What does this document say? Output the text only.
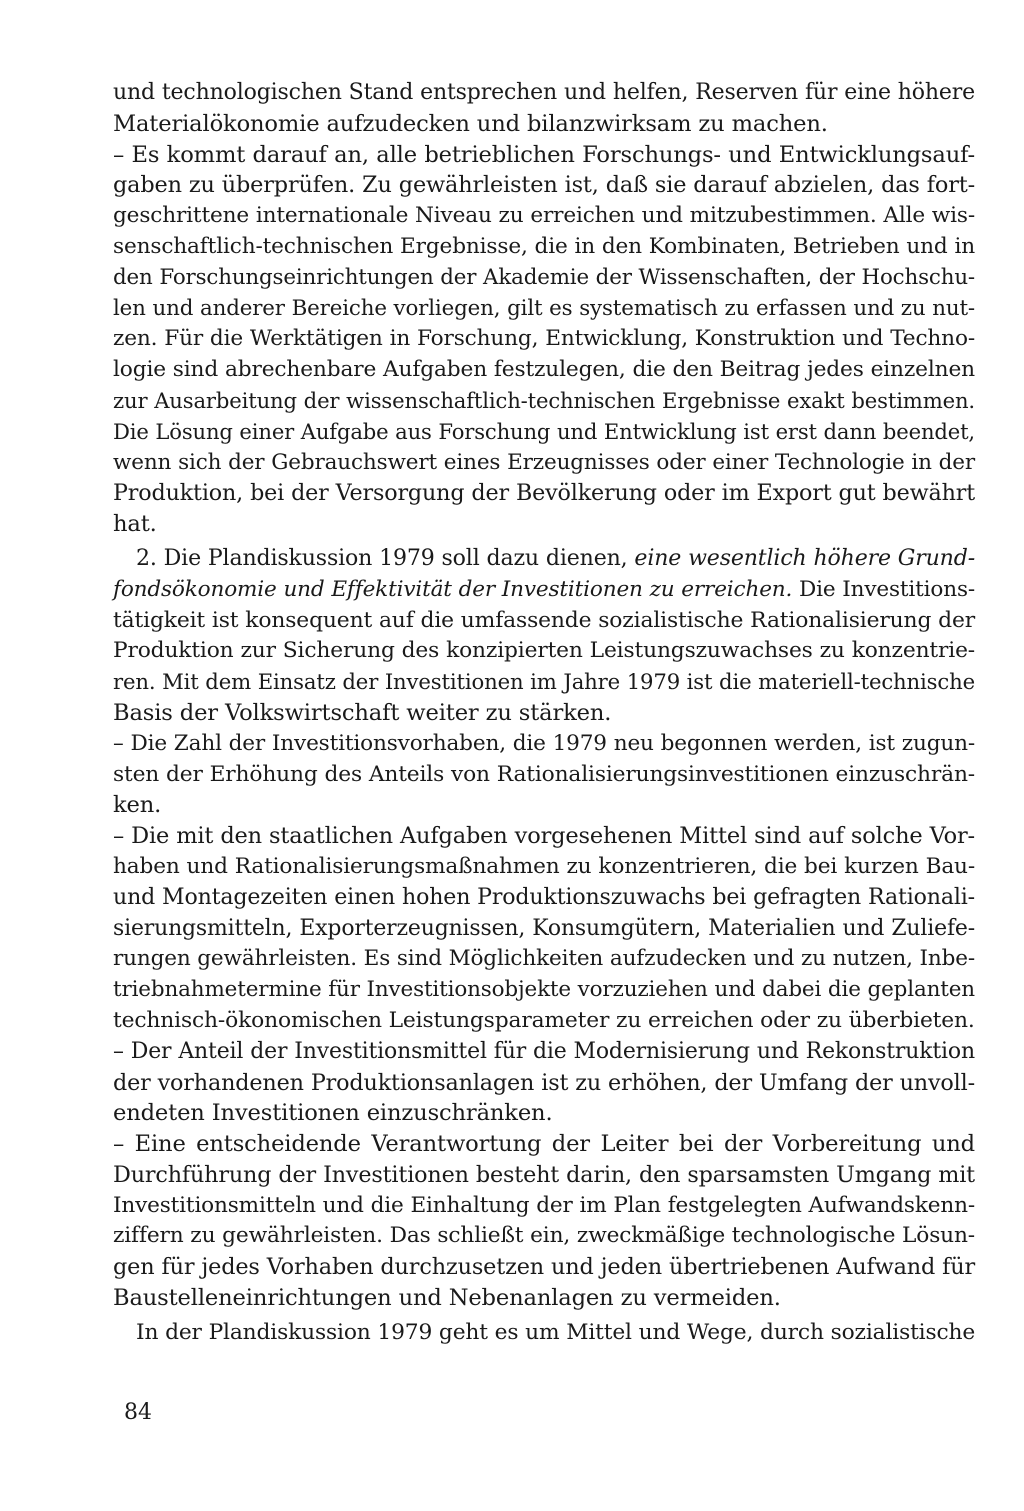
und technologischen Stand entsprechen und helfen, Reserven für eine höhere
Materialökonomie aufzudecken und bilanzwirksam zu machen.
– Es kommt darauf an, alle betrieblichen Forschungs- und Entwicklungsauf-
gaben zu überprüfen. Zu gewährleisten ist, daß sie darauf abzielen, das fort-
geschrittene internationale Niveau zu erreichen und mitzubestimmen. Alle wis-
senschaftlich-technischen Ergebnisse, die in den Kombinaten, Betrieben und in
den Forschungseinrichtungen der Akademie der Wissenschaften, der Hochschu-
len und anderer Bereiche vorliegen, gilt es systematisch zu erfassen und zu nut-
zen. Für die Werktätigen in Forschung, Entwicklung, Konstruktion und Techno-
logie sind abrechenbare Aufgaben festzulegen, die den Beitrag jedes einzelnen
zur Ausarbeitung der wissenschaftlich-technischen Ergebnisse exakt bestimmen.
Die Lösung einer Aufgabe aus Forschung und Entwicklung ist erst dann beendet,
wenn sich der Gebrauchswert eines Erzeugnisses oder einer Technologie in der
Produktion, bei der Versorgung der Bevölkerung oder im Export gut bewährt
hat.
2. Die Plandiskussion 1979 soll dazu dienen, eine wesentlich höhere Grund-
fondsökonomie und Effektivität der Investitionen zu erreichen. Die Investitions-
tätigkeit ist konsequent auf die umfassende sozialistische Rationalisierung der
Produktion zur Sicherung des konzipierten Leistungszuwachses zu konzentrie-
ren. Mit dem Einsatz der Investitionen im Jahre 1979 ist die materiell-technische
Basis der Volkswirtschaft weiter zu stärken.
– Die Zahl der Investitionsvorhaben, die 1979 neu begonnen werden, ist zugun-
sten der Erhöhung des Anteils von Rationalisierungsinvestitionen einzuschrän-
ken.
– Die mit den staatlichen Aufgaben vorgesehenen Mittel sind auf solche Vor-
haben und Rationalisierungsmaßnahmen zu konzentrieren, die bei kurzen Bau-
und Montagezeiten einen hohen Produktionszuwachs bei gefragten Rationali-
sierungsmitteln, Exporterzeugnissen, Konsumgütern, Materialien und Zuliefe-
rungen gewährleisten. Es sind Möglichkeiten aufzudecken und zu nutzen, Inbe-
triebnahmetermine für Investitionsobjekte vorzuziehen und dabei die geplanten
technisch-ökonomischen Leistungsparameter zu erreichen oder zu überbieten.
– Der Anteil der Investitionsmittel für die Modernisierung und Rekonstruktion
der vorhandenen Produktionsanlagen ist zu erhöhen, der Umfang der unvoll-
endeten Investitionen einzuschränken.
– Eine entscheidende Verantwortung der Leiter bei der Vorbereitung und
Durchführung der Investitionen besteht darin, den sparsamsten Umgang mit
Investitionsmitteln und die Einhaltung der im Plan festgelegten Aufwandskenn-
ziffern zu gewährleisten. Das schließt ein, zweckmäßige technologische Lösun-
gen für jedes Vorhaben durchzusetzen und jeden übertriebenen Aufwand für
Baustelleneinrichtungen und Nebenanlagen zu vermeiden.
In der Plandiskussion 1979 geht es um Mittel und Wege, durch sozialistische
84
